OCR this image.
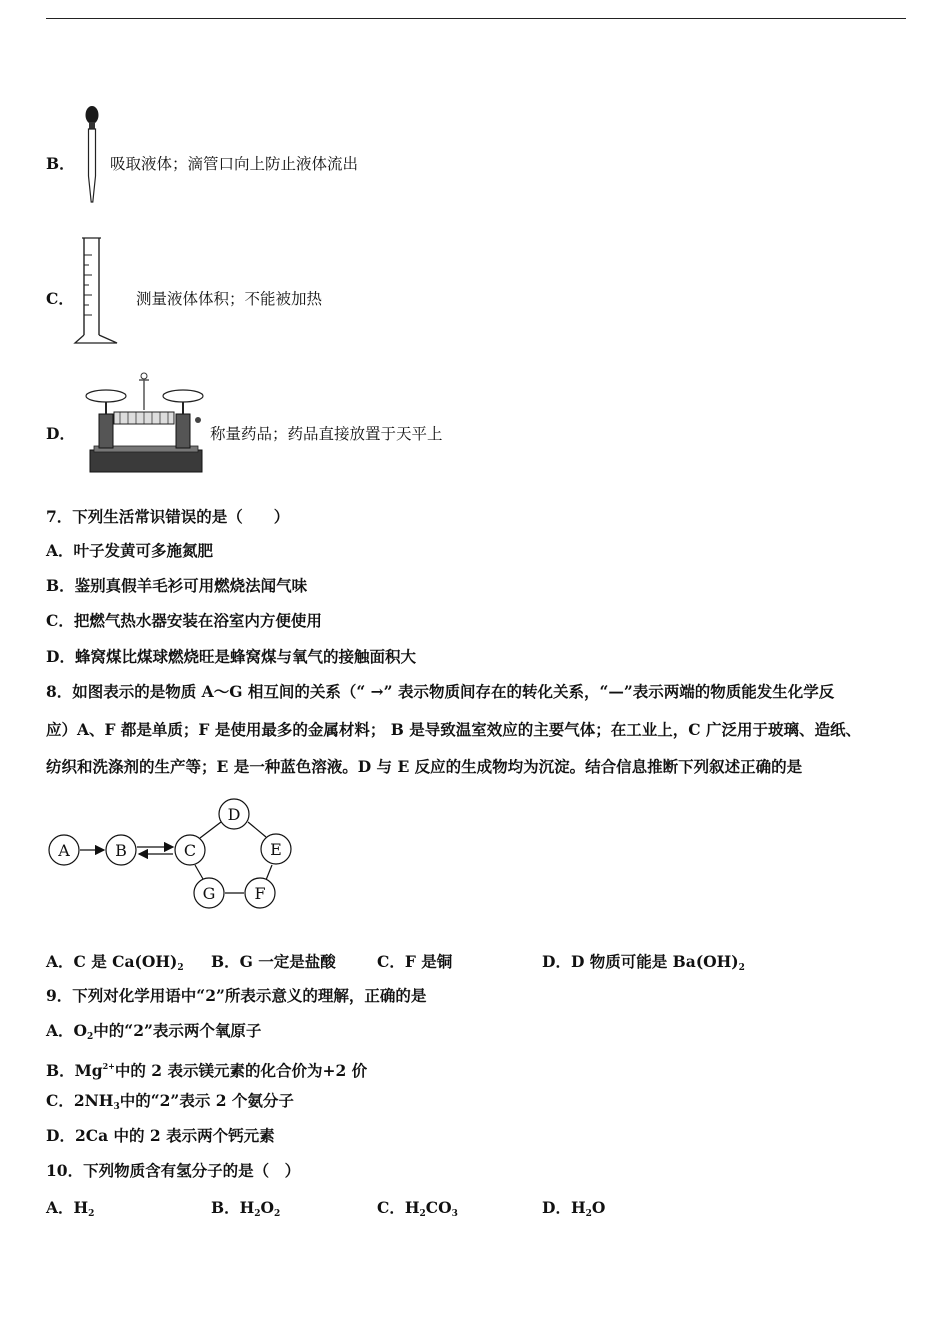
B． 吸取液体；滴管口向上防止液体流出
C．	测量液体体积；不能被加热
D．	称量药品；药品直接放置于天平上
7．下列生活常识错误的是（　　）
A．叶子发黄可多施氮肥
B．鉴别真假羊毛衫可用燃烧法闻气味
C．把燃气热水器安装在浴室内方便使用
D．蜂窝煤比煤球燃烧旺是蜂窝煤与氧气的接触面积大
8．如图表示的是物质 A～G 相互间的关系（“ →” 表示物质间存在的转化关系，“—”表示两端的物质能发生化学反
应）A、F 都是单质；F 是使用最多的金属材料； B 是导致温室效应的主要气体；在工业上，C 广泛用于玻璃、造纸、
纺织和洗涤剂的生产等；E 是一种蓝色溶液。D 与 E 反应的生成物均为沉淀。结合信息推断下列叙述正确的是
A	B	C
D
E
F
G
A．C 是 $Ca(OH)_2$ B．G 一定是盐酸	C．F 是铜	D．D 物质可能是 $Ba(OH)_2$
9．下列对化学用语中“2”所表示意义的理解，正确的是
A．$O_2$中的“2”表示两个氧原子
B．$Mg^{2+}$中的 2 表示镁元素的化合价为+2 价
C．$2NH_3$中的“2”表示 2 个氨分子
D．2Ca 中的 2 表示两个钙元素
10．下列物质含有氢分子的是（　）
A．$H_2$	B．$H_2O_2$	C．$H_2CO_3$	D．$H_2O$
